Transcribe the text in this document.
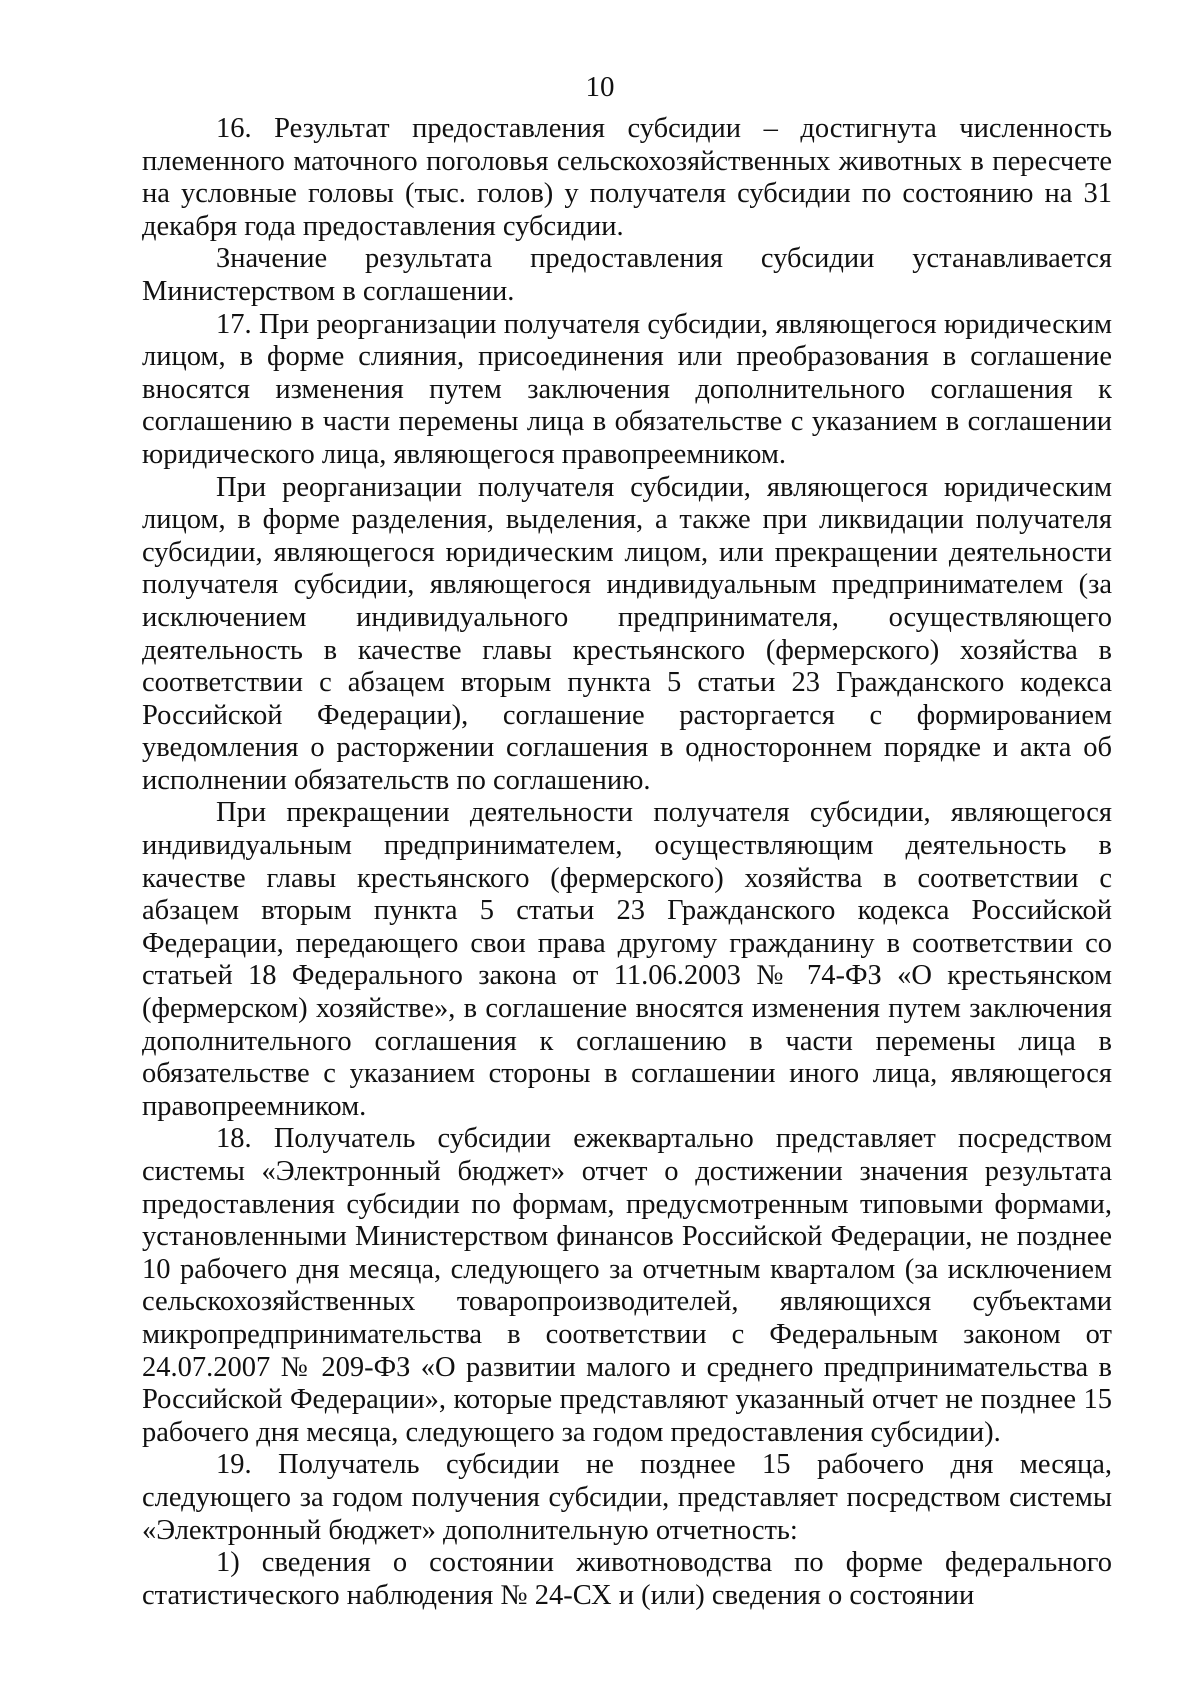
10

16. Результат предоставления субсидии – достигнута численность племенного маточного поголовья сельскохозяйственных животных в пересчете на условные головы (тыс. голов) у получателя субсидии по состоянию на 31 декабря года предоставления субсидии.

Значение результата предоставления субсидии устанавливается Министерством в соглашении.

17. При реорганизации получателя субсидии, являющегося юридическим лицом, в форме слияния, присоединения или преобразования в соглашение вносятся изменения путем заключения дополнительного соглашения к соглашению в части перемены лица в обязательстве с указанием в соглашении юридического лица, являющегося правопреемником.

При реорганизации получателя субсидии, являющегося юридическим лицом, в форме разделения, выделения, а также при ликвидации получателя субсидии, являющегося юридическим лицом, или прекращении деятельности получателя субсидии, являющегося индивидуальным предпринимателем (за исключением индивидуального предпринимателя, осуществляющего деятельность в качестве главы крестьянского (фермерского) хозяйства в соответствии с абзацем вторым пункта 5 статьи 23 Гражданского кодекса Российской Федерации), соглашение расторгается с формированием уведомления о расторжении соглашения в одностороннем порядке и акта об исполнении обязательств по соглашению.

При прекращении деятельности получателя субсидии, являющегося индивидуальным предпринимателем, осуществляющим деятельность в качестве главы крестьянского (фермерского) хозяйства в соответствии с абзацем вторым пункта 5 статьи 23 Гражданского кодекса Российской Федерации, передающего свои права другому гражданину в соответствии со статьей 18 Федерального закона от 11.06.2003 № 74-ФЗ «О крестьянском (фермерском) хозяйстве», в соглашение вносятся изменения путем заключения дополнительного соглашения к соглашению в части перемены лица в обязательстве с указанием стороны в соглашении иного лица, являющегося правопреемником.

18. Получатель субсидии ежеквартально представляет посредством системы «Электронный бюджет» отчет о достижении значения результата предоставления субсидии по формам, предусмотренным типовыми формами, установленными Министерством финансов Российской Федерации, не позднее 10 рабочего дня месяца, следующего за отчетным кварталом (за исключением сельскохозяйственных товаропроизводителей, являющихся субъектами микропредпринимательства в соответствии с Федеральным законом от 24.07.2007 № 209-ФЗ «О развитии малого и среднего предпринимательства в Российской Федерации», которые представляют указанный отчет не позднее 15 рабочего дня месяца, следующего за годом предоставления субсидии).

19. Получатель субсидии не позднее 15 рабочего дня месяца, следующего за годом получения субсидии, представляет посредством системы «Электронный бюджет» дополнительную отчетность:

1) сведения о состоянии животноводства по форме федерального статистического наблюдения № 24-СХ и (или) сведения о состоянии
